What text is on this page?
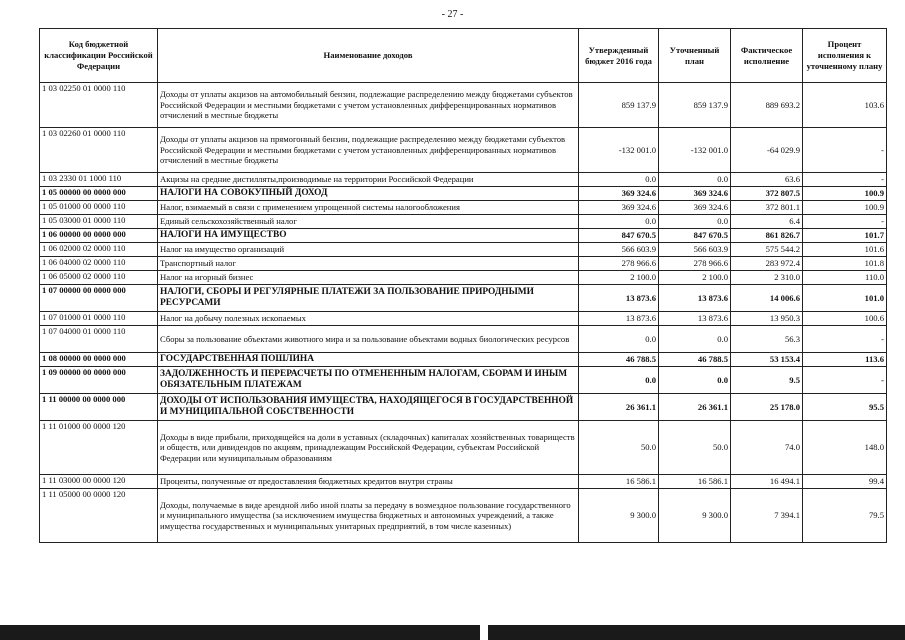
- 27 -
Код бюджетной классификации Российской Федерации	Наименование доходов	Утвержденный бюджет 2016 года	Уточненный план	Фактическое исполнение	Процент исполнения к уточненному плану
1 03 02250 01 0000 110	Доходы от уплаты акцизов на автомобильный бензин, подлежащие распределению между бюджетами субъектов Российской Федерации и местными бюджетами с учетом установленных дифференцированных нормативов отчислений в местные бюджеты	859 137.9	859 137.9	889 693.2	103.6
1 03 02260 01 0000 110	Доходы от уплаты акцизов на прямогонный бензин, подлежащие распределению между бюджетами субъектов Российской Федерации и местными бюджетами с учетом установленных дифференцированных нормативов отчислений в местные бюджеты	-132 001.0	-132 001.0	-64 029.9	-
1 03 2330 01 1000 110	Акцизы на средние дистилляты,производимые на территории Российской Федерации	0.0	0.0	63.6	-
1 05 00000 00 0000 000	НАЛОГИ НА СОВОКУПНЫЙ ДОХОД	369 324.6	369 324.6	372 807.5	100.9
1 05 01000 00 0000 110	Налог, взимаемый в связи с применением упрощенной системы налогообложения	369 324.6	369 324.6	372 801.1	100.9
1 05 03000 01 0000 110	Единый сельскохозяйственный налог	0.0	0.0	6.4	-
1 06 00000 00 0000 000	НАЛОГИ НА ИМУЩЕСТВО	847 670.5	847 670.5	861 826.7	101.7
1 06 02000 02 0000 110	Налог на имущество организаций	566 603.9	566 603.9	575 544.2	101.6
1 06 04000 02 0000 110	Транспортный налог	278 966.6	278 966.6	283 972.4	101.8
1 06 05000 02 0000 110	Налог на игорный бизнес	2 100.0	2 100.0	2 310.0	110.0
1 07 00000 00 0000 000	НАЛОГИ, СБОРЫ И РЕГУЛЯРНЫЕ ПЛАТЕЖИ ЗА ПОЛЬЗОВАНИЕ ПРИРОДНЫМИ РЕСУРСАМИ	13 873.6	13 873.6	14 006.6	101.0
1 07 01000 01 0000 110	Налог на добычу полезных ископаемых	13 873.6	13 873.6	13 950.3	100.6
1 07 04000 01 0000 110	Сборы за пользование объектами животного мира и за пользование объектами водных биологических ресурсов	0.0	0.0	56.3	-
1 08 00000 00 0000 000	ГОСУДАРСТВЕННАЯ ПОШЛИНА	46 788.5	46 788.5	53 153.4	113.6
1 09 00000 00 0000 000	ЗАДОЛЖЕННОСТЬ И ПЕРЕРАСЧЕТЫ ПО ОТМЕНЕННЫМ НАЛОГАМ, СБОРАМ И ИНЫМ ОБЯЗАТЕЛЬНЫМ ПЛАТЕЖАМ	0.0	0.0	9.5	-
1 11 00000 00 0000 000	ДОХОДЫ ОТ ИСПОЛЬЗОВАНИЯ ИМУЩЕСТВА, НАХОДЯЩЕГОСЯ В ГОСУДАРСТВЕННОЙ И МУНИЦИПАЛЬНОЙ СОБСТВЕННОСТИ	26 361.1	26 361.1	25 178.0	95.5
1 11 01000 00 0000 120	Доходы в виде прибыли, приходящейся на доли в уставных (складочных) капиталах хозяйственных товариществ и обществ, или дивидендов по акциям, принадлежащим Российской Федерации, субъектам Российской Федерации или муниципальным образованиям	50.0	50.0	74.0	148.0
1 11 03000 00 0000 120	Проценты, полученные от предоставления бюджетных кредитов внутри страны	16 586.1	16 586.1	16 494.1	99.4
1 11 05000 00 0000 120	Доходы, получаемые в виде арендной либо иной платы за передачу в возмездное пользование государственного и муниципального имущества (за исключением имущества бюджетных и автономных учреждений, а также имущества государственных и муниципальных унитарных предприятий, в том числе казенных)	9 300.0	9 300.0	7 394.1	79.5
